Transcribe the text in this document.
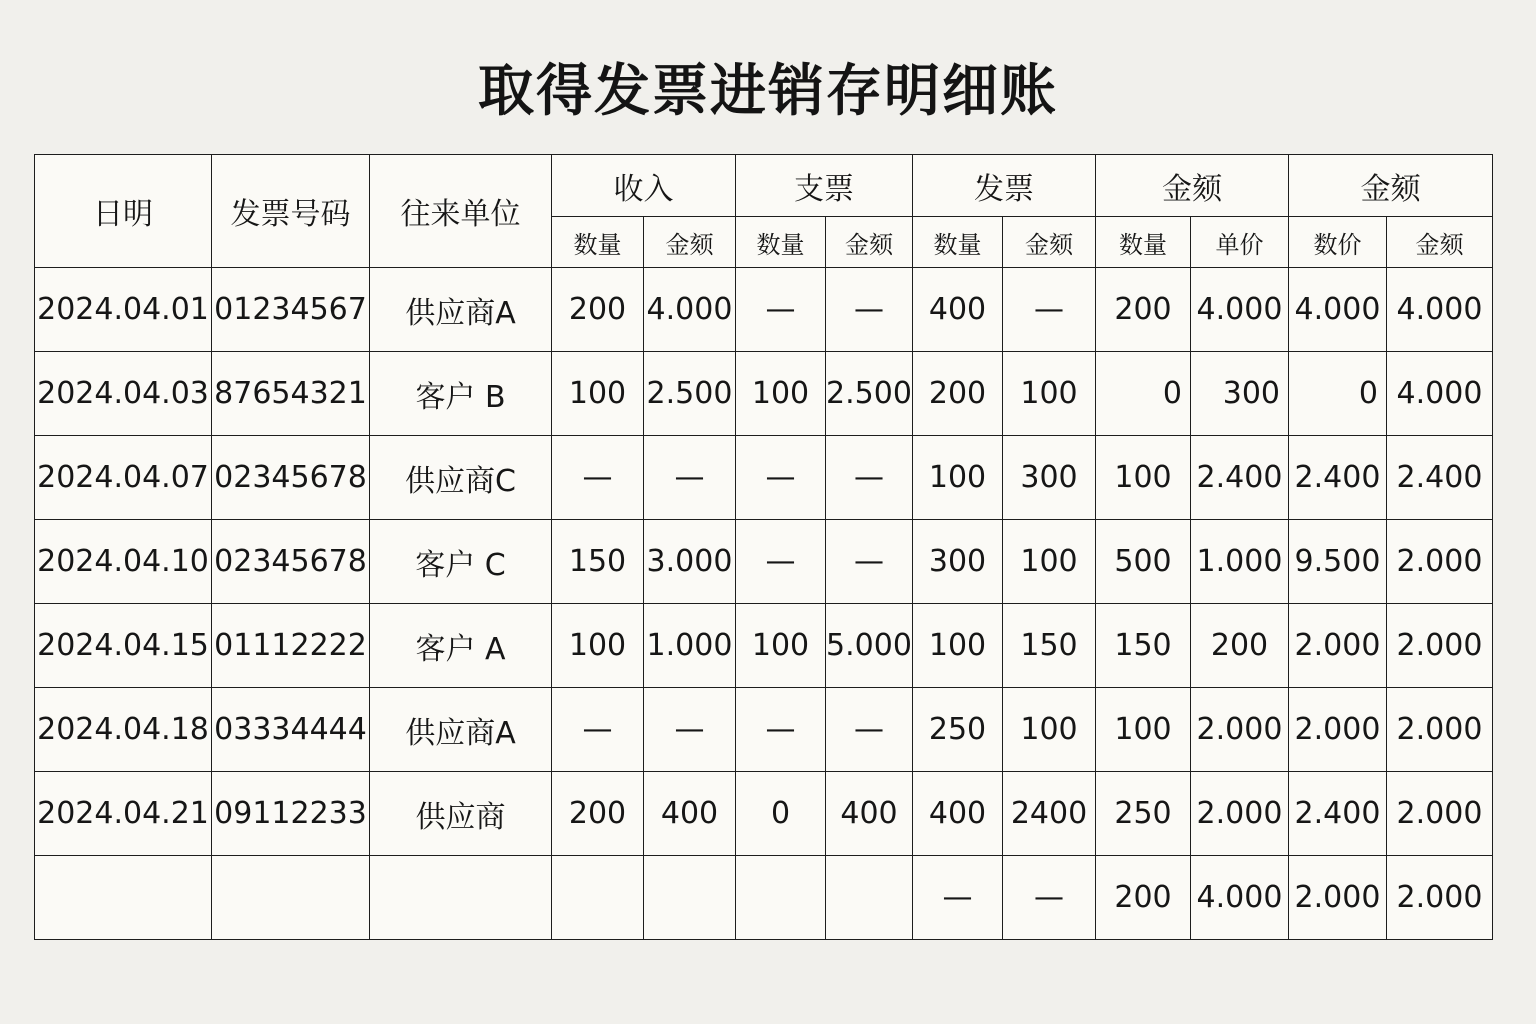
取得发票进销存明细账
日明	发票号码	往来单位	收入		支票		发票		金颏		金颏	
			数量	金颏	数量	金颏	数量	金颏	数量	单价	数价	金颏
2024.04.01	01234567	供应商A	200	4.000	—	—	400	—	200	4.000	4.000	4.000
2024.04.03	87654321	客户 B	100	2.500	100	2.500	200	100	0	300	0	4.000
2024.04.07	02345678	供应商C	—	—	—	—	100	300	100	2.400	2.400	2.400
2024.04.10	02345678	客户 C	150	3.000	—	—	300	100	500	1.000	9.500	2.000
2024.04.15	01112222	客户 A	100	1.000	100	5.000	100	150	150	200	2.000	2.000
2024.04.18	03334444	供应商A	—	—	—	—	250	100	100	2.000	2.000	2.000
2024.04.21	09112233	供应商	200	400	0	400	400	2400	250	2.000	2.400	2.000
							—	—	200	4.000	2.000	2.000
